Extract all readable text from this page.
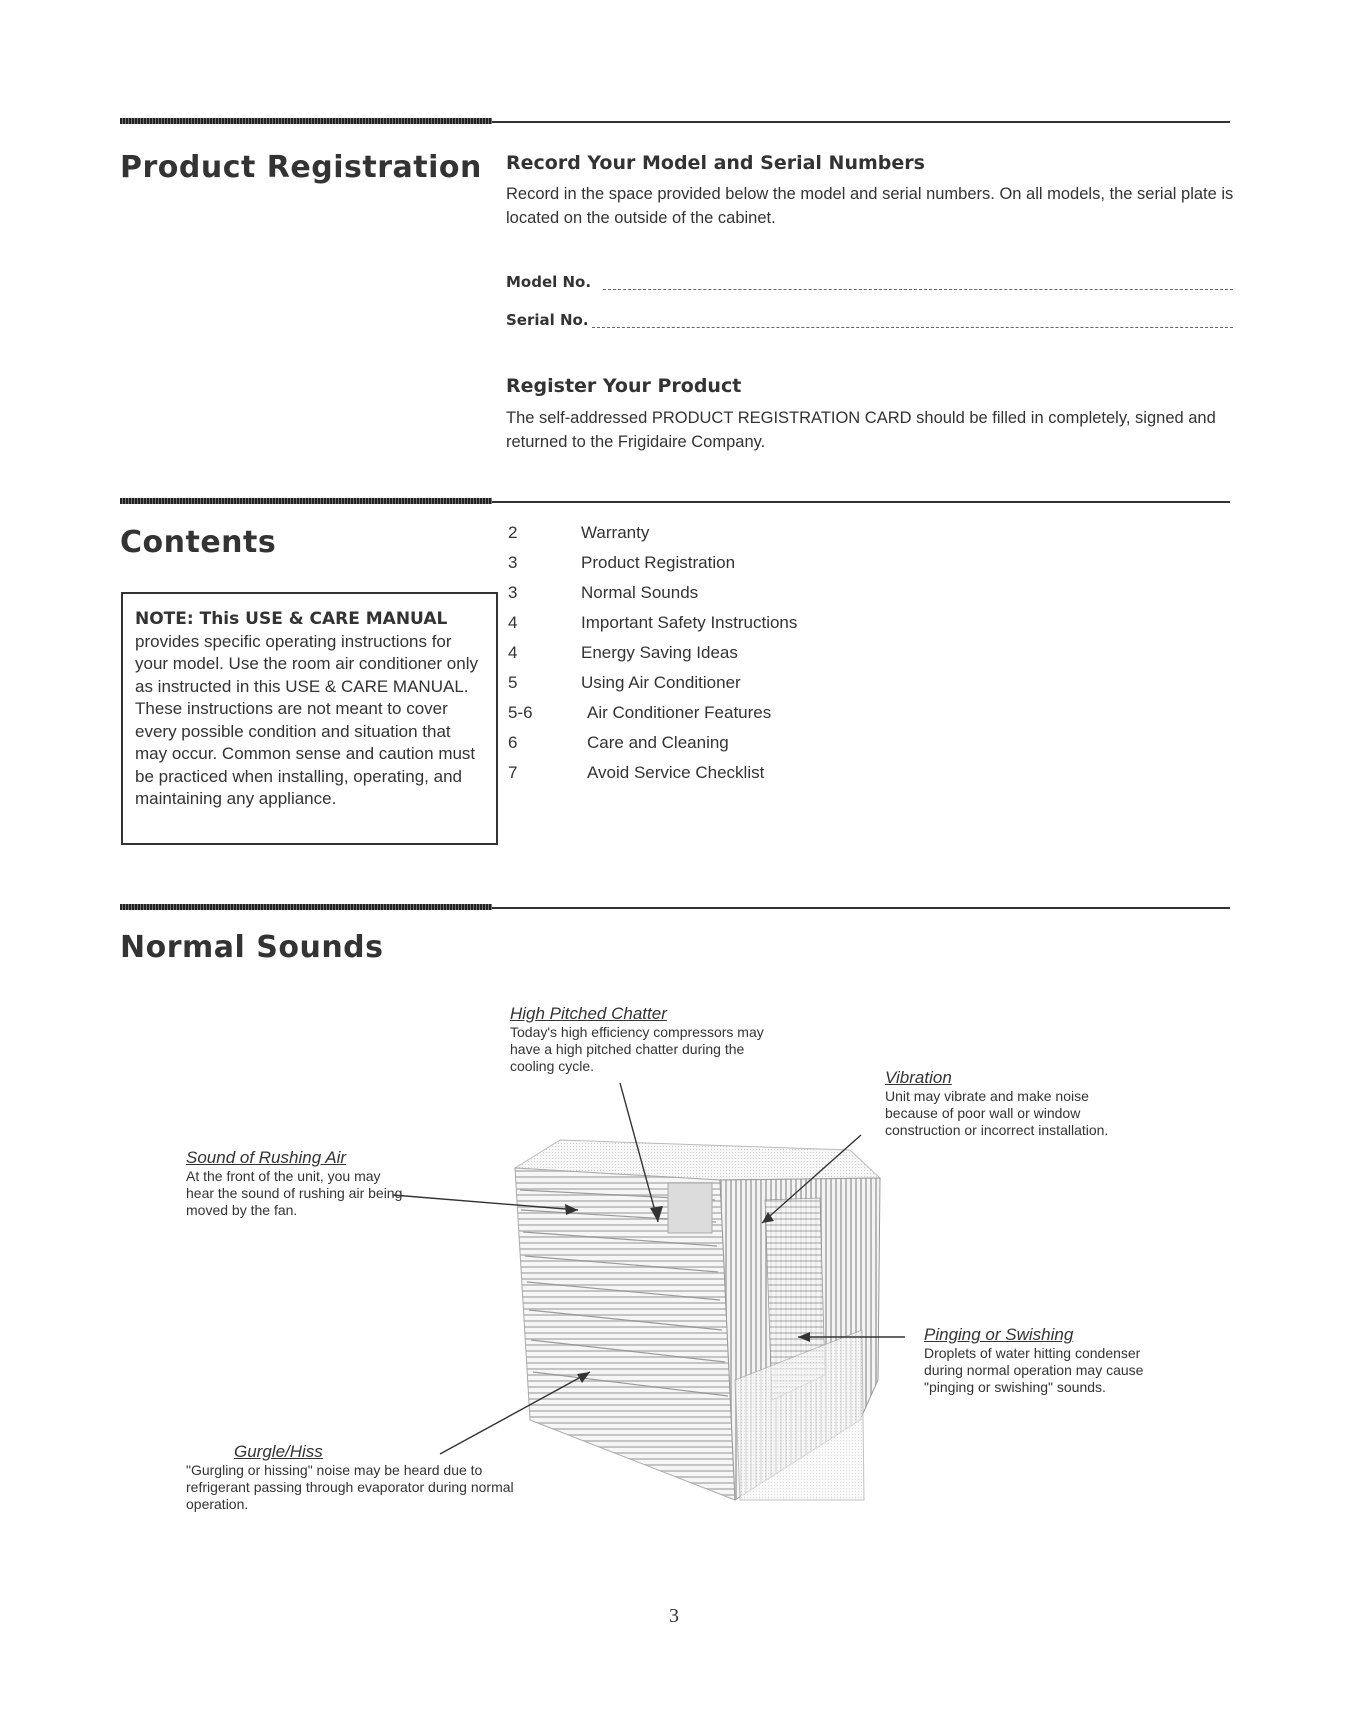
Product Registration Record Your Model and Serial Numbers
Record in the space provided below the model and serial numbers. On all models, the serial plate is located on the outside of the cabinet.
Model No.
Serial No.
Register Your Product
The self-addressed PRODUCT REGISTRATION CARD should be filled in completely, signed and returned to the Frigidaire Company.
Contents
NOTE: This USE & CARE MANUAL provides specific operating instructions for your model. Use the room air conditioner only as instructed in this USE & CARE MANUAL. These instructions are not meant to cover every possible condition and situation that may occur. Common sense and caution must be practiced when installing, operating, and maintaining any appliance.
2	Warranty
3	Product Registration
3	Normal Sounds
4	Important Safety Instructions
4	Energy Saving Ideas
5	Using Air Conditioner
5-6	Air Conditioner Features
6	Care and Cleaning
7	Avoid Service Checklist
Normal Sounds
High Pitched Chatter
Today's high efficiency compressors may have a high pitched chatter during the cooling cycle.
Vibration
Unit may vibrate and make noise because of poor wall or window construction or incorrect installation.
Sound of Rushing Air
At the front of the unit, you may hear the sound of rushing air being moved by the fan.
Pinging or Swishing
Droplets of water hitting condenser during normal operation may cause "pinging or swishing" sounds.
Gurgle/Hiss
"Gurgling or hissing" noise may be heard due to refrigerant passing through evaporator during normal operation.
3
